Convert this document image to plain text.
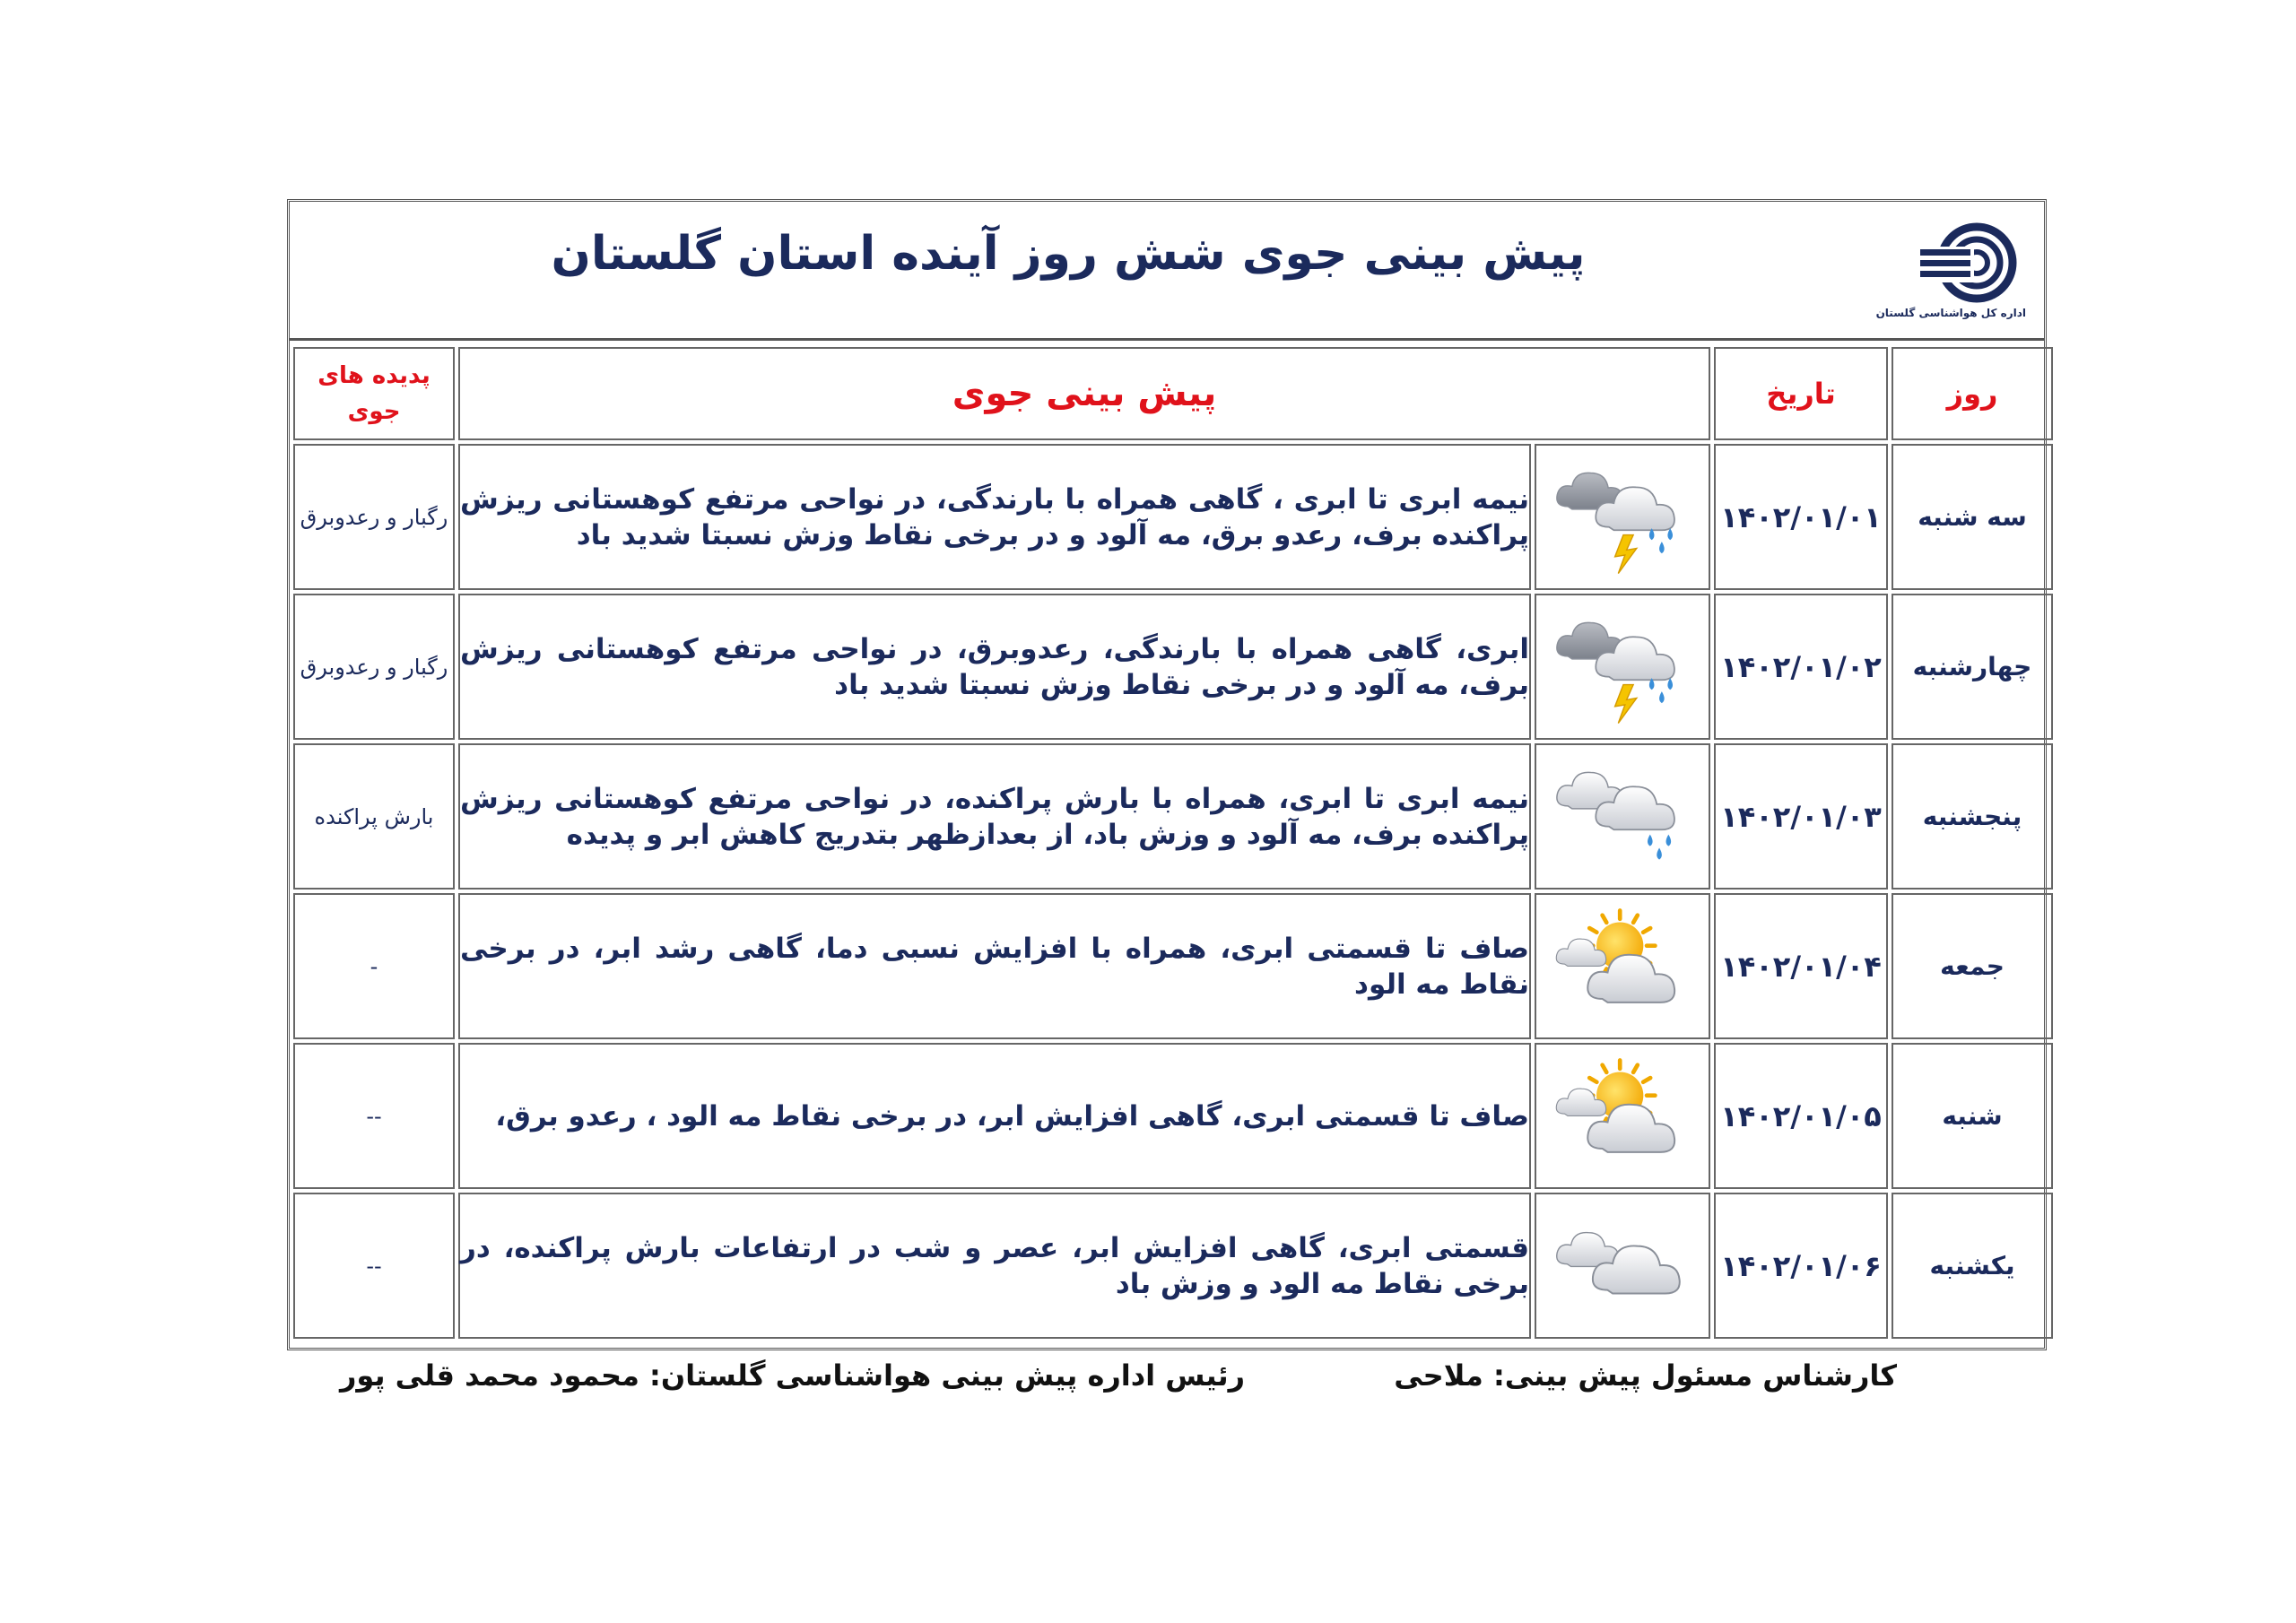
پیش بینی جوی شش روز آینده استان گلستان
اداره کل هواشناسی گلستان
روز	تاریخ	پیش بینی جوی		پدیده های
جوی
سه شنبه	۱۴۰۲/۰۱/۰۱		نیمه ابری تا ابری ، گاهی همراه با بارندگی، در نواحی مرتفع کوهستانی ریزش پراکنده برف، رعدو برق، مه آلود و در برخی نقاط وزش نسبتا شدید باد	رگبار و رعدوبرق
چهارشنبه	۱۴۰۲/۰۱/۰۲		ابری، گاهی همراه با بارندگی، رعدوبرق، در نواحی مرتفع کوهستانی ریزش برف، مه آلود و در برخی نقاط وزش نسبتا شدید باد	رگبار و رعدوبرق
پنجشنبه	۱۴۰۲/۰۱/۰۳		نیمه ابری تا ابری، همراه با بارش پراکنده، در نواحی مرتفع کوهستانی ریزش پراکنده برف، مه آلود و وزش باد، از بعدازظهر بتدریج کاهش ابر و پدیده	بارش پراکنده
جمعه	۱۴۰۲/۰۱/۰۴		صاف تا قسمتی ابری، همراه با افزایش نسبی دما، گاهی رشد ابر، در برخی نقاط مه الود	-
شنبه	۱۴۰۲/۰۱/۰۵		صاف تا قسمتی ابری، گاهی افزایش ابر، در برخی نقاط مه الود ، رعدو برق،	--
یکشنبه	۱۴۰۲/۰۱/۰۶		قسمتی ابری، گاهی افزایش ابر، عصر و شب در ارتفاعات بارش پراکنده، در برخی نقاط مه الود و وزش باد	--
کارشناس مسئول پیش بینی: ملاحی
رئیس اداره پیش بینی هواشناسی گلستان: محمود محمد قلی پور
